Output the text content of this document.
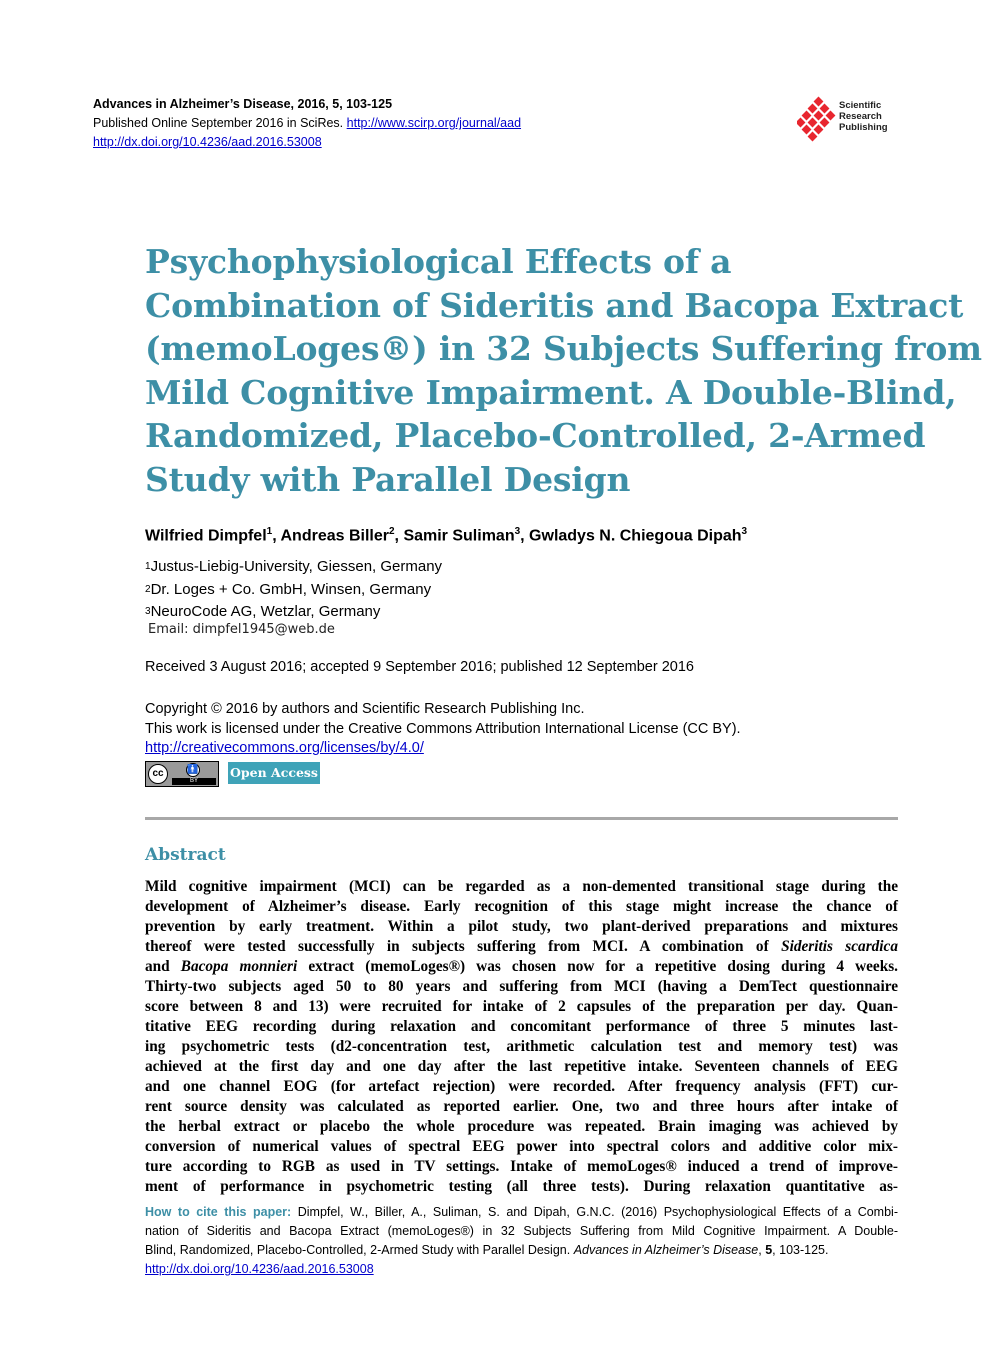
Advances in Alzheimer’s Disease, 2016, 5, 103-125
Published Online September 2016 in SciRes. http://www.scirp.org/journal/aad
http://dx.doi.org/10.4236/aad.2016.53008
Scientific
Research
Publishing
Psychophysiological Effects of a
Combination of Sideritis and Bacopa Extract
(memoLoges®) in 32 Subjects Suffering from
Mild Cognitive Impairment. A Double-Blind,
Randomized, Placebo-Controlled, 2-Armed
Study with Parallel Design
Wilfried Dimpfel$^1$, Andreas Biller$^2$, Samir Suliman$^3$, Gwladys N. Chiegoua Dipah$^3$
$^1$Justus-Liebig-University, Giessen, Germany
$^2$Dr. Loges + Co. GmbH, Winsen, Germany
$^3$NeuroCode AG, Wetzlar, Germany
Email: dimpfel1945@web.de
Received 3 August 2016; accepted 9 September 2016; published 12 September 2016
Copyright © 2016 by authors and Scientific Research Publishing Inc.
This work is licensed under the Creative Commons Attribution International License (CC BY).
http://creativecommons.org/licenses/by/4.0/
cc	🚹
BY
Open Access
Abstract
Mild cognitive impairment (MCI) can be regarded as a non-demented transitional stage during the
development of Alzheimer’s disease. Early recognition of this stage might increase the chance of
prevention by early treatment. Within a pilot study, two plant-derived preparations and mixtures
thereof were tested successfully in subjects suffering from MCI. A combination of Sideritis scardica
and Bacopa monnieri extract (memoLoges®) was chosen now for a repetitive dosing during 4 weeks.
Thirty-two subjects aged 50 to 80 years and suffering from MCI (having a DemTect questionnaire
score between 8 and 13) were recruited for intake of 2 capsules of the preparation per day. Quan-
titative EEG recording during relaxation and concomitant performance of three 5 minutes last-
ing psychometric tests (d2-concentration test, arithmetic calculation test and memory test) was
achieved at the first day and one day after the last repetitive intake. Seventeen channels of EEG
and one channel EOG (for artefact rejection) were recorded. After frequency analysis (FFT) cur-
rent source density was calculated as reported earlier. One, two and three hours after intake of
the herbal extract or placebo the whole procedure was repeated. Brain imaging was achieved by
conversion of numerical values of spectral EEG power into spectral colors and additive color mix-
ture according to RGB as used in TV settings. Intake of memoLoges® induced a trend of improve-
ment of performance in psychometric testing (all three tests). During relaxation quantitative as-
How to cite this paper: Dimpfel, W., Biller, A., Suliman, S. and Dipah, G.N.C. (2016) Psychophysiological Effects of a Combi-
nation of Sideritis and Bacopa Extract (memoLoges®) in 32 Subjects Suffering from Mild Cognitive Impairment. A Double-
Blind, Randomized, Placebo-Controlled, 2-Armed Study with Parallel Design. Advances in Alzheimer’s Disease, 5, 103-125.
http://dx.doi.org/10.4236/aad.2016.53008
